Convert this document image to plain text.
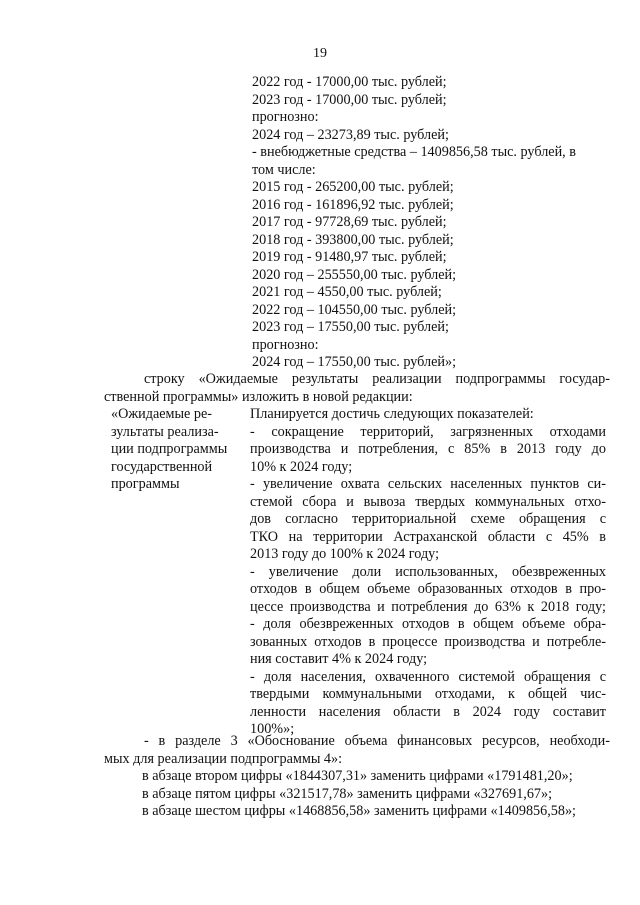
19
2022 год - 17000,00 тыс. рублей;
2023 год - 17000,00 тыс. рублей;
прогнозно:
2024 год – 23273,89 тыс. рублей;
- внебюджетные средства – 1409856,58 тыс. рублей, в
том числе:
2015 год - 265200,00 тыс. рублей;
2016 год - 161896,92 тыс. рублей;
2017 год - 97728,69 тыс. рублей;
2018 год - 393800,00 тыс. рублей;
2019 год - 91480,97 тыс. рублей;
2020 год – 255550,00 тыс. рублей;
2021 год – 4550,00 тыс. рублей;
2022 год – 104550,00 тыс. рублей;
2023 год – 17550,00 тыс. рублей;
прогнозно:
2024 год – 17550,00 тыс. рублей»;
строку «Ожидаемые результаты реализации подпрограммы государ-
ственной программы» изложить в новой редакции:
«Ожидаемые ре-
зультаты реализа-
ции подпрограммы
государственной
программы
Планируется достичь следующих показателей:
- сокращение территорий, загрязненных отходами
производства и потребления, с 85% в 2013 году до
10% к 2024 году;
- увеличение охвата сельских населенных пунктов си-
стемой сбора и вывоза твердых коммунальных отхо-
дов согласно территориальной схеме обращения с
ТКО на территории Астраханской области с 45% в
2013 году до 100% к 2024 году;
- увеличение доли использованных, обезвреженных
отходов в общем объеме образованных отходов в про-
цессе производства и потребления до 63% к 2018 году;
- доля обезвреженных отходов в общем объеме обра-
зованных отходов в процессе производства и потребле-
ния составит 4% к 2024 году;
- доля населения, охваченного системой обращения с
твердыми коммунальными отходами, к общей чис-
ленности населения области в 2024 году составит
100%»;
- в разделе 3 «Обоснование объема финансовых ресурсов, необходи-
мых для реализации подпрограммы 4»:
в абзаце втором цифры «1844307,31» заменить цифрами «1791481,20»;
в абзаце пятом цифры «321517,78» заменить цифрами «327691,67»;
в абзаце шестом цифры «1468856,58» заменить цифрами «1409856,58»;
